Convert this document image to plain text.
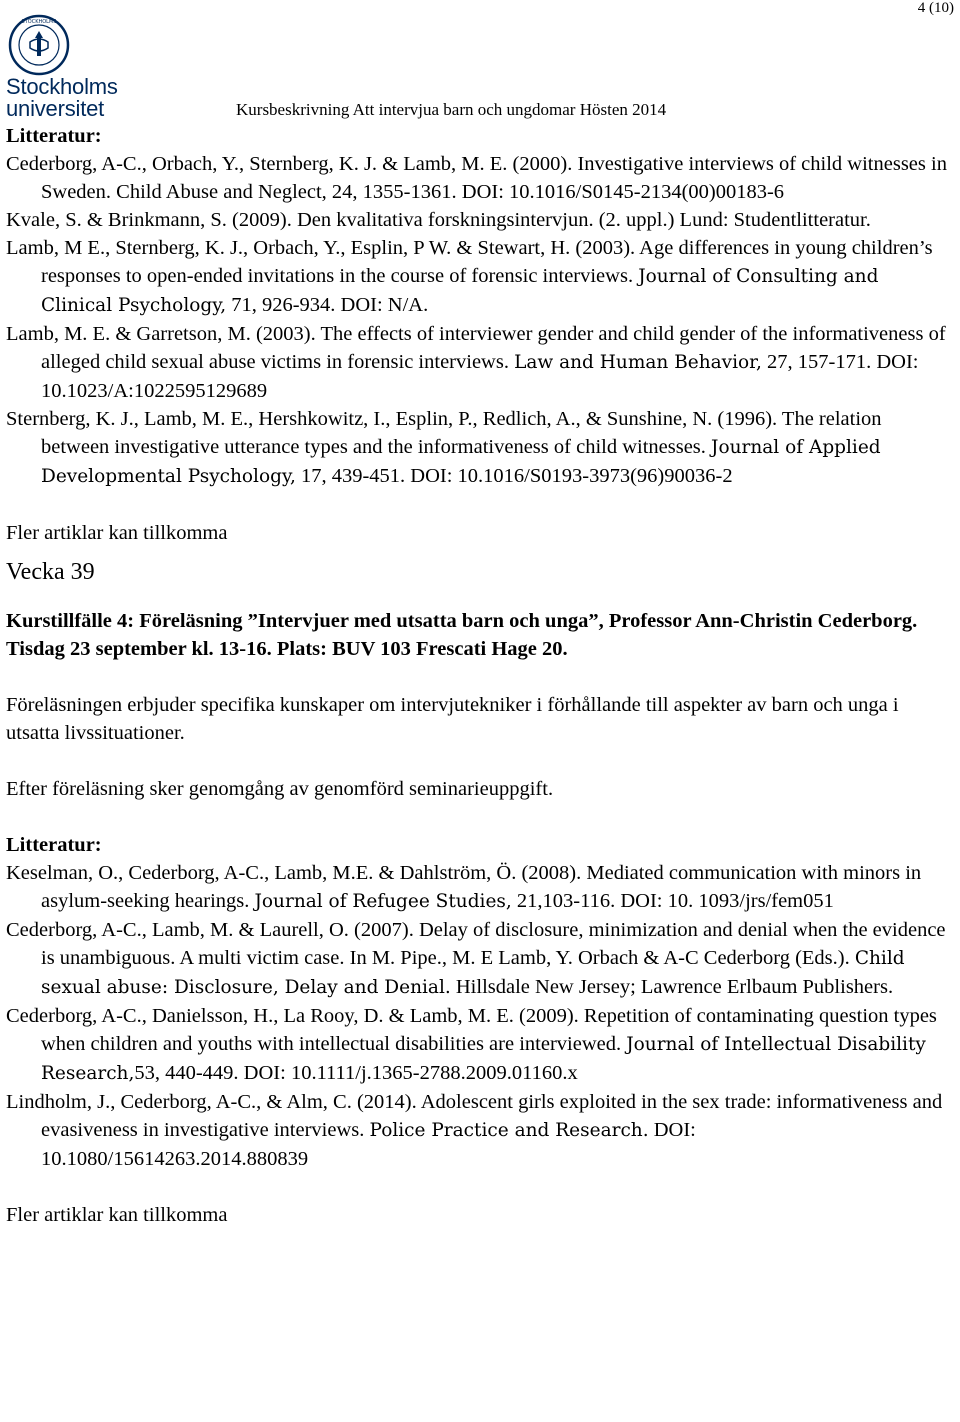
4 (10)
STOCKHOLMS
Stockholms
universitet	Kursbeskrivning Att intervjua barn och ungdomar Hösten 2014

Litteratur:

Cederborg, A-C., Orbach, Y., Sternberg, K. J. & Lamb, M. E. (2000). Investigative interviews of child witnesses in Sweden. Child Abuse and Neglect, 24, 1355-1361. DOI: 10.1016/S0145-2134(00)00183-6

Kvale, S. & Brinkmann, S. (2009). Den kvalitativa forskningsintervjun. (2. uppl.) Lund: Studentlitteratur.

Lamb, M E., Sternberg, K. J., Orbach, Y., Esplin, P W. & Stewart, H. (2003). Age differences in young children’s responses to open-ended invitations in the course of forensic interviews. Journal of Consulting and Clinical Psychology, 71, 926-934. DOI: N/A.

Lamb, M. E. & Garretson, M. (2003). The effects of interviewer gender and child gender of the informativeness of alleged child sexual abuse victims in forensic interviews. Law and Human Behavior, 27, 157-171. DOI: 10.1023/A:1022595129689

Sternberg, K. J., Lamb, M. E., Hershkowitz, I., Esplin, P., Redlich, A., & Sunshine, N. (1996). The relation between investigative utterance types and the informativeness of child witnesses. Journal of Applied Developmental Psychology, 17, 439-451. DOI: 10.1016/S0193-3973(96)90036-2

Fler artiklar kan tillkomma

Vecka 39

Kurstillfälle 4: Föreläsning ”Intervjuer med utsatta barn och unga”, Professor Ann-Christin Cederborg.

Tisdag 23 september kl. 13-16. Plats: BUV 103 Frescati Hage 20.

Föreläsningen erbjuder specifika kunskaper om intervjutekniker i förhållande till aspekter av barn och unga i utsatta livssituationer.

Efter föreläsning sker genomgång av genomförd seminarieuppgift.

Litteratur:

Keselman, O., Cederborg, A-C., Lamb, M.E. & Dahlström, Ö. (2008). Mediated communication with minors in asylum-seeking hearings. Journal of Refugee Studies, 21,103-116. DOI: 10. 1093/jrs/fem051

Cederborg, A-C., Lamb, M. & Laurell, O. (2007). Delay of disclosure, minimization and denial when the evidence is unambiguous. A multi victim case. In M. Pipe., M. E Lamb, Y. Orbach & A-C Cederborg (Eds.). Child sexual abuse: Disclosure, Delay and Denial. Hillsdale New Jersey; Lawrence Erlbaum Publishers.

Cederborg, A-C., Danielsson, H., La Rooy, D. & Lamb, M. E. (2009). Repetition of contaminating question types when children and youths with intellectual disabilities are interviewed. Journal of Intellectual Disability Research,53, 440-449. DOI: 10.1111/j.1365-2788.2009.01160.x

Lindholm, J., Cederborg, A-C., & Alm, C. (2014). Adolescent girls exploited in the sex trade: informativeness and evasiveness in investigative interviews. Police Practice and Research. DOI: 10.1080/15614263.2014.880839

Fler artiklar kan tillkomma
